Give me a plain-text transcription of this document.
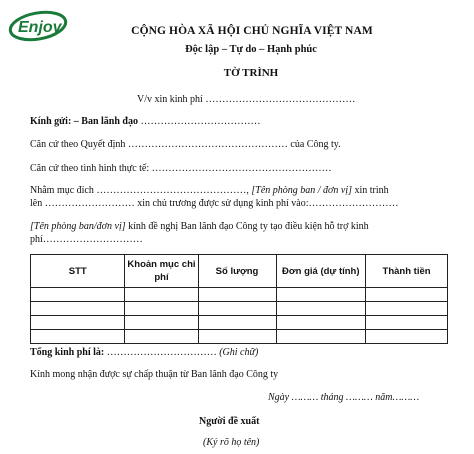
Enjoy	CỘNG HÒA XÃ HỘI CHỦ NGHĨA VIỆT NAM
Độc lập – Tự do – Hạnh phúc
TỜ TRÌNH
V/v xin kinh phí ………………………………………
Kính gửi: – Ban lãnh đạo ………………………………
Căn cứ theo Quyết định ………………………………………… của Công ty.
Căn cứ theo tình hình thực tế: ………………………………………………
Nhằm mục đích ………………………………………, [Tên phòng ban / đơn vị] xin trình
lên ……………………… xin chủ trương được sử dụng kinh phí vào:………………………
[Tên phòng ban/đơn vị] kính đề nghị Ban lãnh đạo Công ty tạo điều kiện hỗ trợ kinh
phí…………………………
STT	Khoản mục chi phí	Số lượng	Đơn giá (dự tính)	Thành tiền

Tổng kinh phí là: …………………………… (Ghi chữ)
Kính mong nhận được sự chấp thuận từ Ban lãnh đạo Công ty
Ngày ……… tháng ……… năm………
Người đề xuất
(Ký rõ họ tên)
